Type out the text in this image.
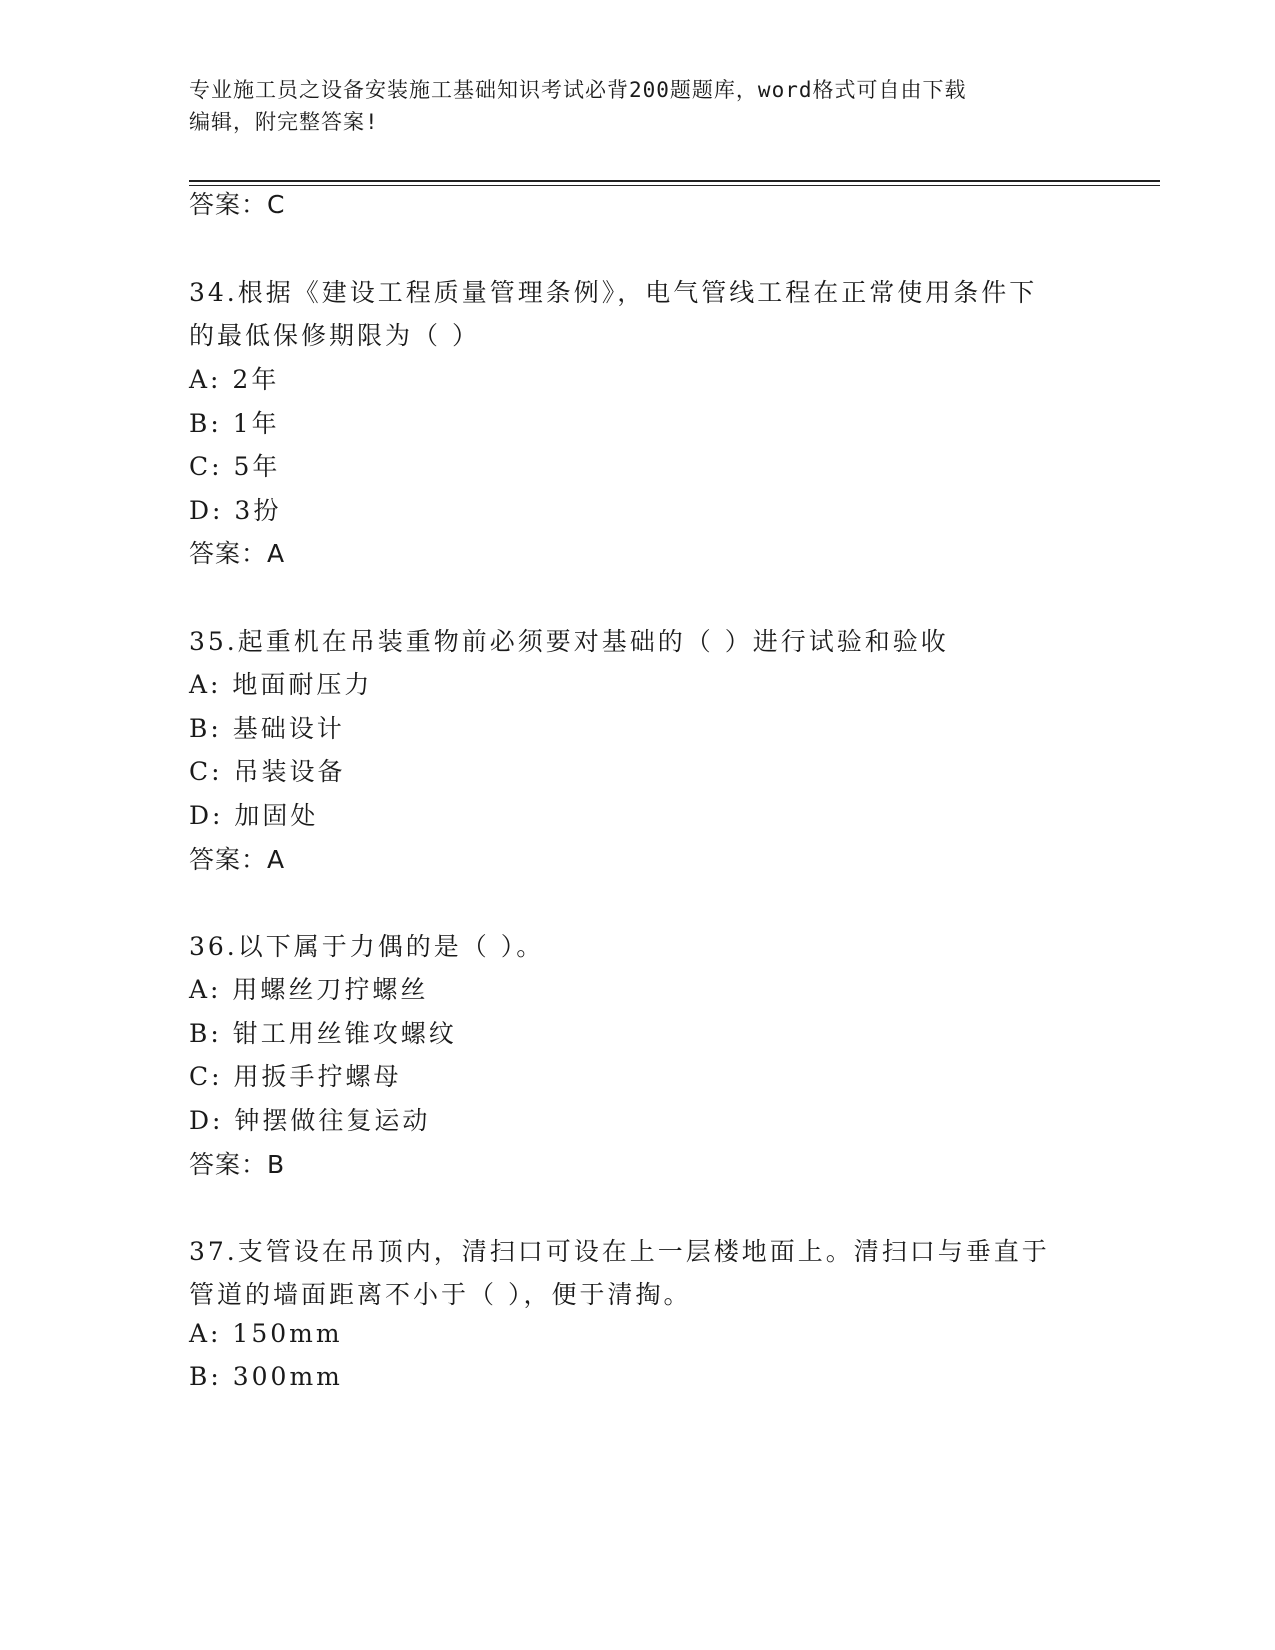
专业施工员之设备安装施工基础知识考试必背200题题库，word格式可自由下载
编辑，附完整答案!
答案：C
34.根据《建设工程质量管理条例》，电气管线工程在正常使用条件下
的最低保修期限为（ ）
A: 2年
B: 1年
C: 5年
D: 3扮
答案：A
35.起重机在吊装重物前必须要对基础的（ ）进行试验和验收
A: 地面耐压力
B: 基础设计
C: 吊装设备
D: 加固处
答案：A
36.以下属于力偶的是（ ）。
A: 用螺丝刀拧螺丝
B: 钳工用丝锥攻螺纹
C: 用扳手拧螺母
D: 钟摆做往复运动
答案：B
37.支管设在吊顶内，清扫口可设在上一层楼地面上。清扫口与垂直于
管道的墙面距离不小于（ ），便于清掏。
A: 150mm
B: 300mm
